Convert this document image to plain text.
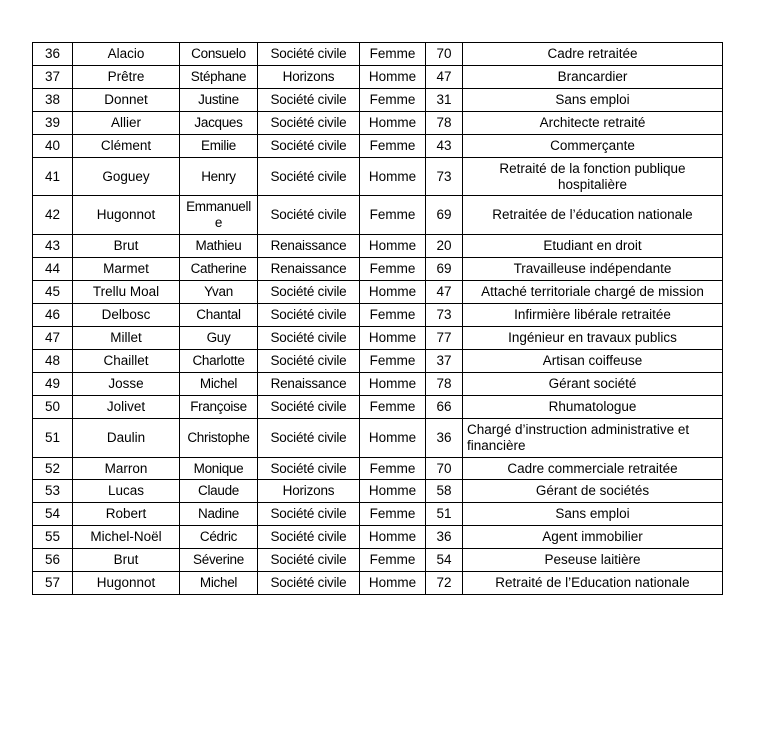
36	Alacio	Consuelo	Société civile	Femme	70	Cadre retraitée
37	Prêtre	Stéphane	Horizons	Homme	47	Brancardier
38	Donnet	Justine	Société civile	Femme	31	Sans emploi
39	Allier	Jacques	Société civile	Homme	78	Architecte retraité
40	Clément	Emilie	Société civile	Femme	43	Commerçante
41	Goguey	Henry	Société civile	Homme	73	Retraité de la fonction publique hospitalière
42	Hugonnot	Emmanuelle	Société civile	Femme	69	Retraitée de l’éducation nationale
43	Brut	Mathieu	Renaissance	Homme	20	Etudiant en droit
44	Marmet	Catherine	Renaissance	Femme	69	Travailleuse indépendante
45	Trellu Moal	Yvan	Société civile	Homme	47	Attaché territoriale chargé de mission
46	Delbosc	Chantal	Société civile	Femme	73	Infirmière libérale retraitée
47	Millet	Guy	Société civile	Homme	77	Ingénieur en travaux publics
48	Chaillet	Charlotte	Société civile	Femme	37	Artisan coiffeuse
49	Josse	Michel	Renaissance	Homme	78	Gérant société
50	Jolivet	Françoise	Société civile	Femme	66	Rhumatologue
51	Daulin	Christophe	Société civile	Homme	36	Chargé d’instruction administrative et financière
52	Marron	Monique	Société civile	Femme	70	Cadre commerciale retraitée
53	Lucas	Claude	Horizons	Homme	58	Gérant de sociétés
54	Robert	Nadine	Société civile	Femme	51	Sans emploi
55	Michel-Noël	Cédric	Société civile	Homme	36	Agent immobilier
56	Brut	Séverine	Société civile	Femme	54	Peseuse laitière
57	Hugonnot	Michel	Société civile	Homme	72	Retraité de l’Education nationale
